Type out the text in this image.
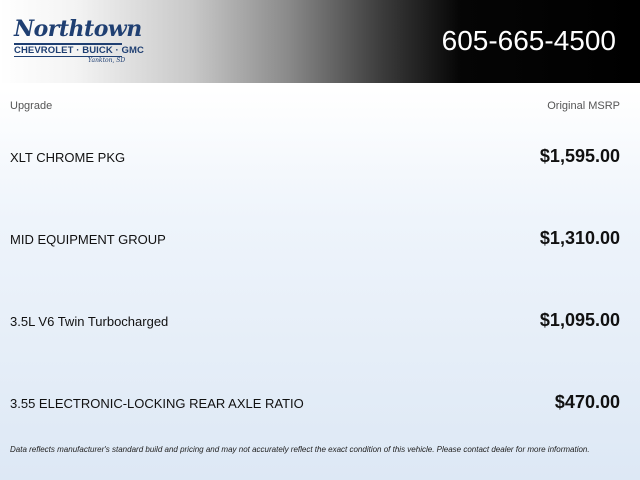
Northtown
CHEVROLET · BUICK · GMC
Yankton, SD
605-665-4500
Upgrade	Original MSRP
XLT CHROME PKG	$1,595.00
MID EQUIPMENT GROUP	$1,310.00
3.5L V6 Twin Turbocharged	$1,095.00
3.55 ELECTRONIC-LOCKING REAR AXLE RATIO	$470.00
Data reflects manufacturer's standard build and pricing and may not accurately reflect the exact condition of this vehicle. Please contact dealer for more information.
